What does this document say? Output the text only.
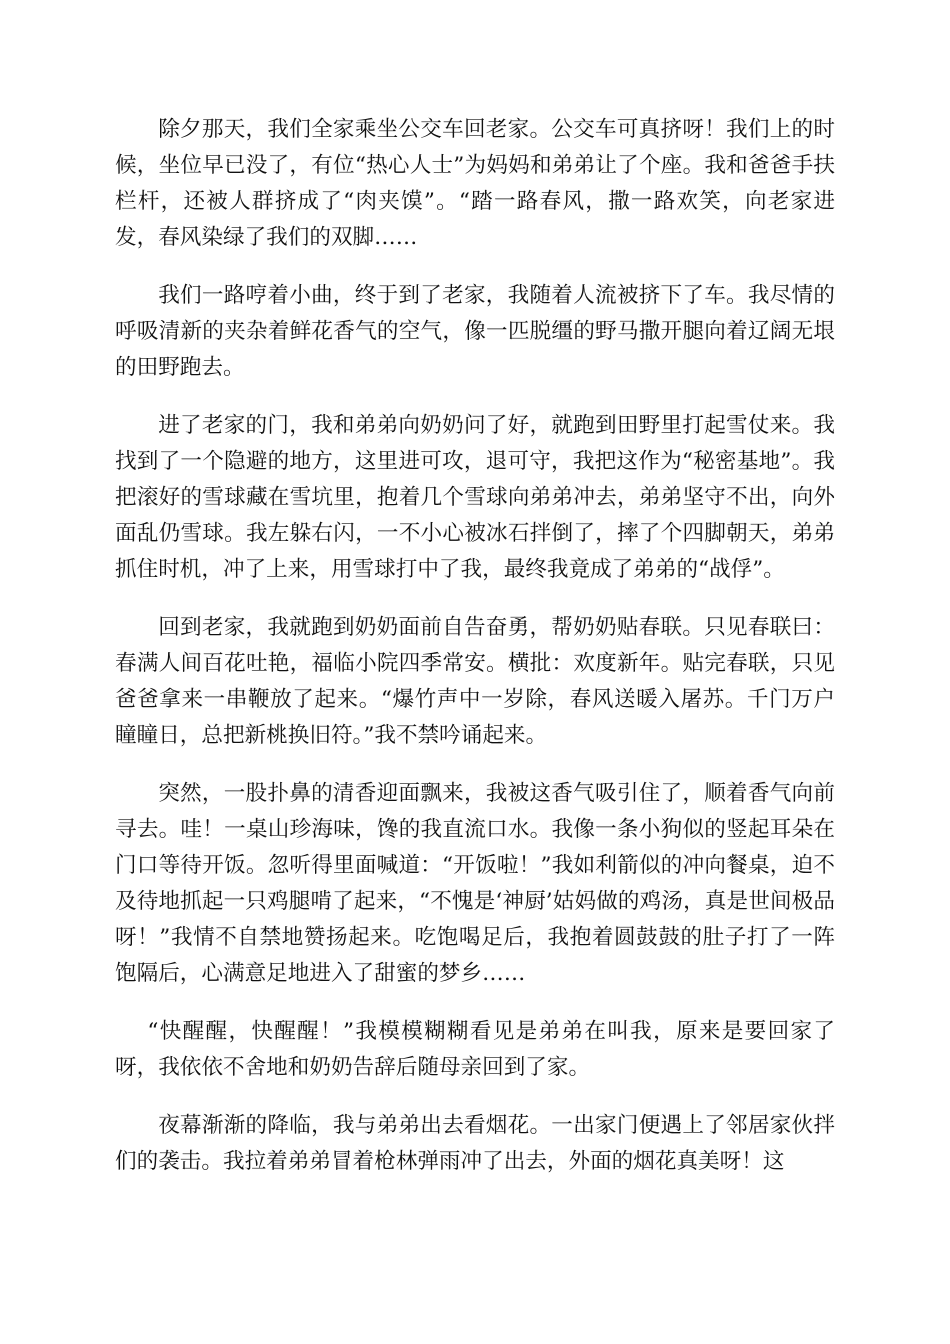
除夕那天，我们全家乘坐公交车回老家。公交车可真挤呀！我们上的时候，坐位早已没了，有位“热心人士”为妈妈和弟弟让了个座。我和爸爸手扶栏杆，还被人群挤成了“肉夹馍”。“踏一路春风，撒一路欢笑，向老家进发，春风染绿了我们的双脚……

我们一路哼着小曲，终于到了老家，我随着人流被挤下了车。我尽情的呼吸清新的夹杂着鲜花香气的空气，像一匹脱缰的野马撒开腿向着辽阔无垠的田野跑去。

进了老家的门，我和弟弟向奶奶问了好，就跑到田野里打起雪仗来。我找到了一个隐避的地方，这里进可攻，退可守，我把这作为“秘密基地”。我把滚好的雪球藏在雪坑里，抱着几个雪球向弟弟冲去，弟弟坚守不出，向外面乱仍雪球。我左躲右闪，一不小心被冰石拌倒了，摔了个四脚朝天，弟弟抓住时机，冲了上来，用雪球打中了我，最终我竟成了弟弟的“战俘”。

回到老家，我就跑到奶奶面前自告奋勇，帮奶奶贴春联。只见春联曰：春满人间百花吐艳，福临小院四季常安。横批：欢度新年。贴完春联，只见爸爸拿来一串鞭放了起来。“爆竹声中一岁除，春风送暖入屠苏。千门万户瞳瞳日，总把新桃换旧符。”我不禁吟诵起来。

突然，一股扑鼻的清香迎面飘来，我被这香气吸引住了，顺着香气向前寻去。哇！一桌山珍海味，馋的我直流口水。我像一条小狗似的竖起耳朵在门口等待开饭。忽听得里面喊道：“开饭啦！”我如利箭似的冲向餐桌，迫不及待地抓起一只鸡腿啃了起来，“不愧是‘神厨’姑妈做的鸡汤，真是世间极品呀！”我情不自禁地赞扬起来。吃饱喝足后，我抱着圆鼓鼓的肚子打了一阵饱隔后，心满意足地进入了甜蜜的梦乡……

“快醒醒，快醒醒！”我模模糊糊看见是弟弟在叫我，原来是要回家了呀，我依依不舍地和奶奶告辞后随母亲回到了家。

夜幕渐渐的降临，我与弟弟出去看烟花。一出家门便遇上了邻居家伙拌们的袭击。我拉着弟弟冒着枪林弹雨冲了出去，外面的烟花真美呀！这
